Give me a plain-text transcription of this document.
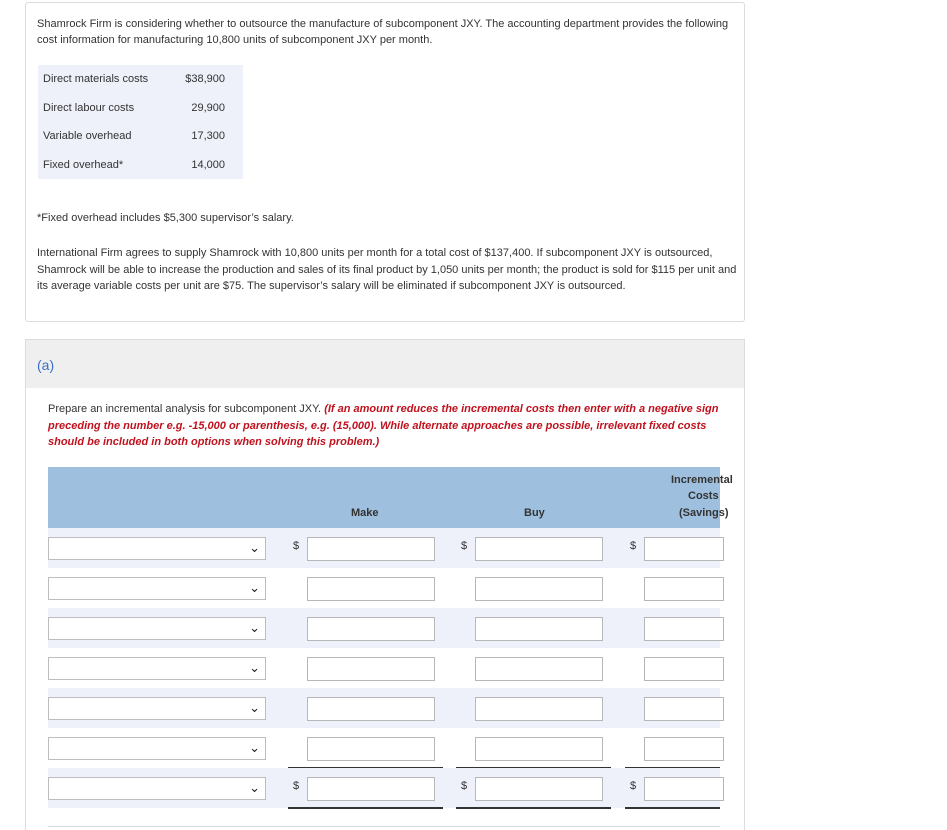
Shamrock Firm is considering whether to outsource the manufacture of subcomponent JXY. The accounting department provides the following cost information for manufacturing 10,800 units of subcomponent JXY per month.
Direct materials costs	$38,900
Direct labour costs	29,900
Variable overhead	17,300
Fixed overhead*	14,000
*Fixed overhead includes $5,300 supervisor’s salary.
International Firm agrees to supply Shamrock with 10,800 units per month for a total cost of $137,400. If subcomponent JXY is outsourced, Shamrock will be able to increase the production and sales of its final product by 1,050 units per month; the product is sold for $115 per unit and its average variable costs per unit are $75. The supervisor’s salary will be eliminated if subcomponent JXY is outsourced.
(a)
Prepare an incremental analysis for subcomponent JXY. (If an amount reduces the incremental costs then enter with a negative sign preceding the number e.g. -15,000 or parenthesis, e.g. (15,000). While alternate approaches are possible, irrelevant fixed costs should be included in both options when solving this problem.)
Make	Buy
Incremental
Costs
(Savings)
⌄	$	$	$
⌄
⌄
⌄
⌄
⌄
⌄	$	$	$
